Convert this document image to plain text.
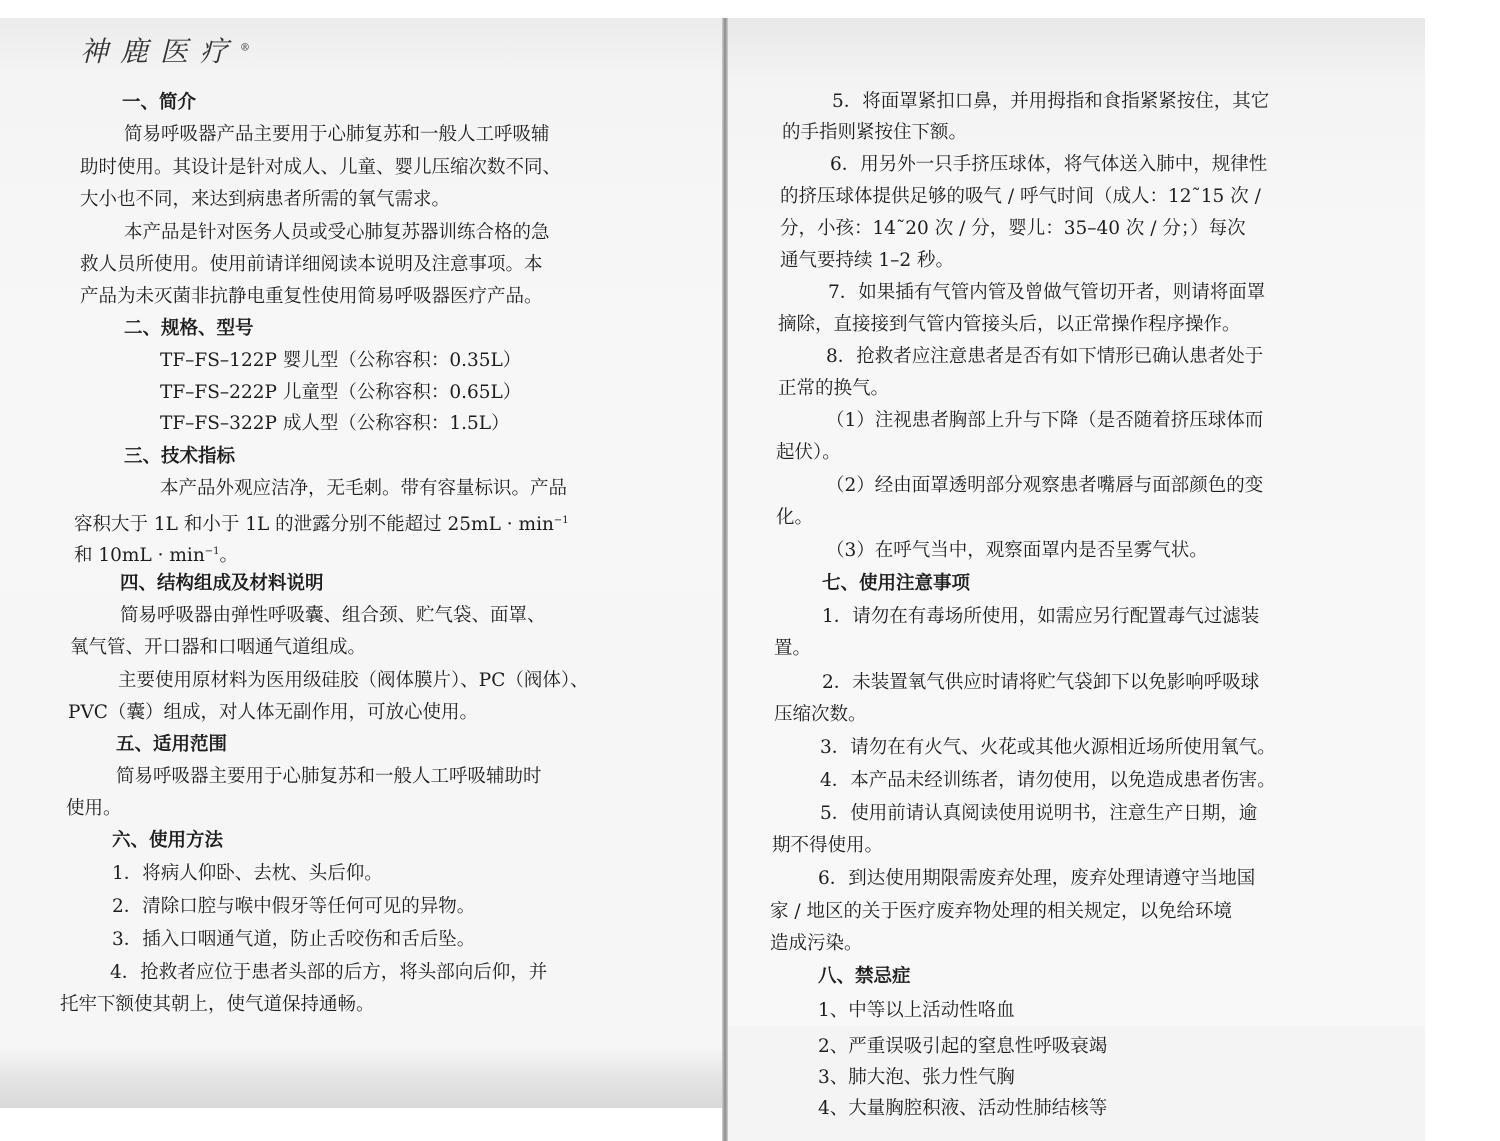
神鹿医疗®
一、简介
简易呼吸器产品主要用于心肺复苏和一般人工呼吸辅
助时使用。其设计是针对成人、儿童、婴儿压缩次数不同、
大小也不同，来达到病患者所需的氧气需求。
本产品是针对医务人员或受心肺复苏器训练合格的急
救人员所使用。使用前请详细阅读本说明及注意事项。本
产品为未灭菌非抗静电重复性使用简易呼吸器医疗产品。
二、规格、型号
TF–FS–122P 婴儿型（公称容积：0.35L）
TF–FS–222P 儿童型（公称容积：0.65L）
TF–FS–322P 成人型（公称容积：1.5L）
三、技术指标
本产品外观应洁净，无毛刺。带有容量标识。产品
容积大于 1L 和小于 1L 的泄露分别不能超过 $25mL \cdot \min^{-1}$
和 $10mL \cdot \min^{-1}$。
四、结构组成及材料说明
简易呼吸器由弹性呼吸囊、组合颈、贮气袋、面罩、
氧气管、开口器和口咽通气道组成。
主要使用原材料为医用级硅胶（阀体膜片）、PC（阀体）、
PVC（囊）组成，对人体无副作用，可放心使用。
五、适用范围
简易呼吸器主要用于心肺复苏和一般人工呼吸辅助时
使用。
六、使用方法
1．将病人仰卧、去枕、头后仰。
2．清除口腔与喉中假牙等任何可见的异物。
3．插入口咽通气道，防止舌咬伤和舌后坠。
4．抢救者应位于患者头部的后方，将头部向后仰，并
托牢下额使其朝上，使气道保持通畅。
5．将面罩紧扣口鼻，并用拇指和食指紧紧按住，其它
的手指则紧按住下额。
6．用另外一只手挤压球体，将气体送入肺中，规律性
的挤压球体提供足够的吸气 / 呼气时间（成人：12˜15 次 /
分，小孩：14˜20 次 / 分，婴儿：35–40 次 / 分；）每次
通气要持续 1–2 秒。
7．如果插有气管内管及曾做气管切开者，则请将面罩
摘除，直接接到气管内管接头后，以正常操作程序操作。
8．抢救者应注意患者是否有如下情形已确认患者处于
正常的换气。
（1）注视患者胸部上升与下降（是否随着挤压球体而
起伏）。
（2）经由面罩透明部分观察患者嘴唇与面部颜色的变
化。
（3）在呼气当中，观察面罩内是否呈雾气状。
七、使用注意事项
1．请勿在有毒场所使用，如需应另行配置毒气过滤装
置。
2．未装置氧气供应时请将贮气袋卸下以免影响呼吸球
压缩次数。
3．请勿在有火气、火花或其他火源相近场所使用氧气。
4．本产品未经训练者，请勿使用，以免造成患者伤害。
5．使用前请认真阅读使用说明书，注意生产日期，逾
期不得使用。
6．到达使用期限需废弃处理，废弃处理请遵守当地国
家 / 地区的关于医疗废弃物处理的相关规定，以免给环境
造成污染。
八、禁忌症
1、中等以上活动性咯血
2、严重误吸引起的窒息性呼吸衰竭
3、肺大泡、张力性气胸
4、大量胸腔积液、活动性肺结核等
